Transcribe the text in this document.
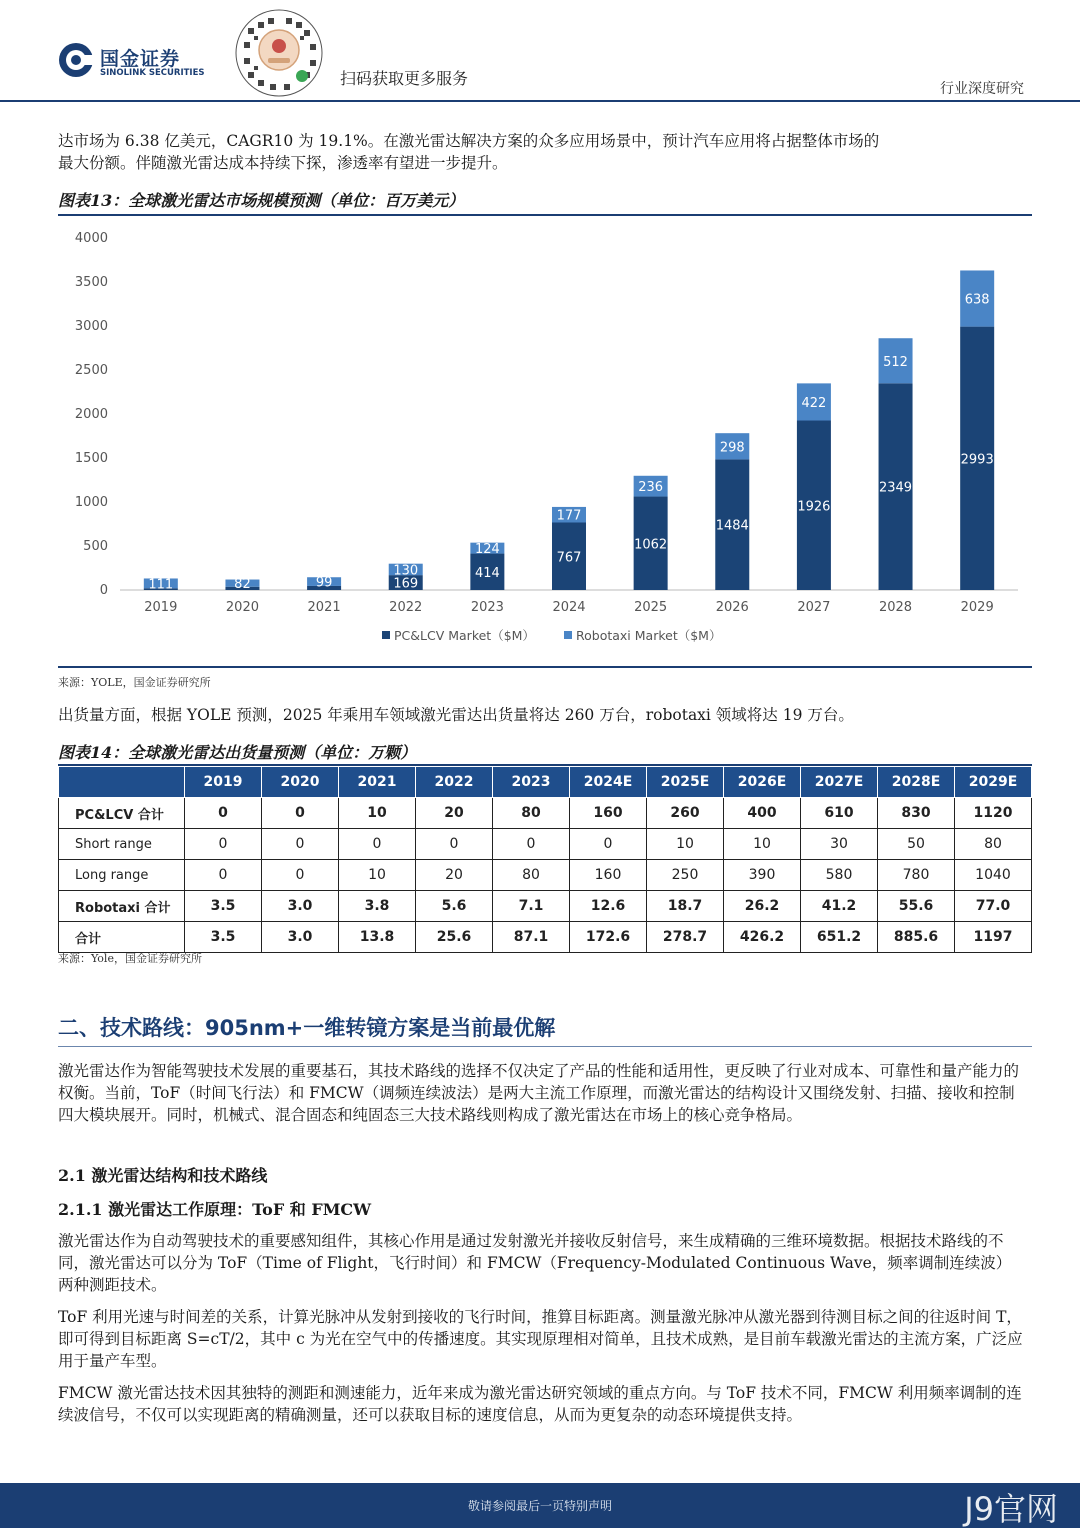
国金证券
SINOLINK SECURITIES	扫码获取更多服务
行业深度研究
达市场为 6.38 亿美元，CAGR10 为 19.1%。在激光雷达解决方案的众多应用场景中，预计汽车应用将占据整体市场的
最大份额。伴随激光雷达成本持续下探，渗透率有望进一步提升。
图表13：全球激光雷达市场规模预测（单位：百万美元）
0
500
1000
1500
2000
2500
3000
3500
4000
2019	2020	2021	2022	2023	2024	2025	2026	2027	2028	2029
111	82	99	169
130	414
124
767
177
1062
236
1484
298
1926
422
2349
512
2993
638
PC&LCV Market（$M）	Robotaxi Market（$M）
来源：YOLE，国金证券研究所
出货量方面，根据 YOLE 预测，2025 年乘用车领域激光雷达出货量将达 260 万台，robotaxi 领域将达 19 万台。
图表14：全球激光雷达出货量预测（单位：万颗）
	2019	2020	2021	2022	2023	2024E	2025E	2026E	2027E	2028E	2029E
PC&LCV 合计	0	0	10	20	80	160	260	400	610	830	1120
Short range	0	0	0	0	0	0	10	10	30	50	80
Long range	0	0	10	20	80	160	250	390	580	780	1040
Robotaxi 合计	3.5	3.0	3.8	5.6	7.1	12.6	18.7	26.2	41.2	55.6	77.0
合计	3.5	3.0	13.8	25.6	87.1	172.6	278.7	426.2	651.2	885.6	1197
来源：Yole，国金证券研究所
二、技术路线：905nm+一维转镜方案是当前最优解
激光雷达作为智能驾驶技术发展的重要基石，其技术路线的选择不仅决定了产品的性能和适用性，更反映了行业对成本、可靠性和量产能力的权衡。当前，ToF（时间飞行法）和 FMCW（调频连续波法）是两大主流工作原理，而激光雷达的结构设计又围绕发射、扫描、接收和控制四大模块展开。同时，机械式、混合固态和纯固态三大技术路线则构成了激光雷达在市场上的核心竞争格局。
2.1 激光雷达结构和技术路线
2.1.1 激光雷达工作原理：ToF 和 FMCW
激光雷达作为自动驾驶技术的重要感知组件，其核心作用是通过发射激光并接收反射信号，来生成精确的三维环境数据。根据技术路线的不同，激光雷达可以分为 ToF（Time of Flight，飞行时间）和 FMCW（Frequency-Modulated Continuous Wave，频率调制连续波）两种测距技术。
ToF 利用光速与时间差的关系，计算光脉冲从发射到接收的飞行时间，推算目标距离。测量激光脉冲从激光器到待测目标之间的往返时间 T，即可得到目标距离 S=cT/2，其中 c 为光在空气中的传播速度。其实现原理相对简单，且技术成熟，是目前车载激光雷达的主流方案，广泛应用于量产车型。
FMCW 激光雷达技术因其独特的测距和测速能力，近年来成为激光雷达研究领域的重点方向。与 ToF 技术不同，FMCW 利用频率调制的连续波信号，不仅可以实现距离的精确测量，还可以获取目标的速度信息，从而为更复杂的动态环境提供支持。
敬请参阅最后一页特别声明	J9官网
